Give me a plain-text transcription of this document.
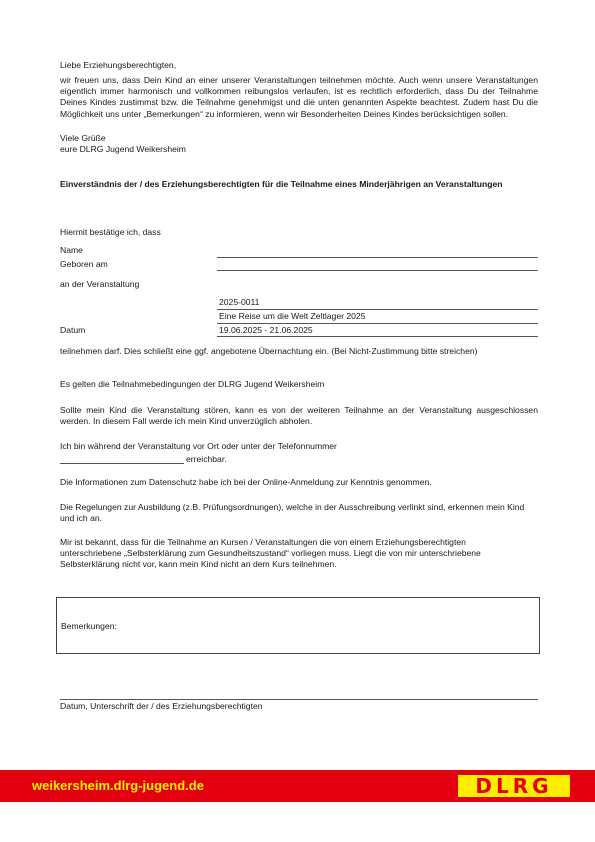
Liebe Erziehungsberechtigten,
wir freuen uns, dass Dein Kind an einer unserer Veranstaltungen teilnehmen möchte. Auch wenn unsere Veranstaltungen eigentlich immer harmonisch und vollkommen reibungslos verlaufen, ist es rechtlich erforderlich, dass Du der Teilnahme Deines Kindes zustimmst bzw. die Teilnahme genehmigst und die unten genannten Aspekte beachtest. Zudem hast Du die Möglichkeit uns unter „Bemerkungen“ zu informieren, wenn wir Besonderheiten Deines Kindes berücksichtigen sollen.
Viele Grüße
eure DLRG Jugend Weikersheim
Einverständnis der / des Erziehungsberechtigten für die Teilnahme eines Minderjährigen an Veranstaltungen
Hiermit bestätige ich, dass
Name
Geboren am
an der Veranstaltung
2025-0011
Eine Reise um die Welt Zeltlager 2025
Datum	19.06.2025 - 21.06.2025
teilnehmen darf. Dies schließt eine ggf. angebotene Übernachtung ein. (Bei Nicht-Zustimmung bitte streichen)
Es gelten die Teilnahmebedingungen der DLRG Jugend Weikersheim
Sollte mein Kind die Veranstaltung stören, kann es von der weiteren Teilnahme an der Veranstaltung ausgeschlossen werden. In diesem Fall werde ich mein Kind unverzüglich abholen.
Ich bin während der Veranstaltung vor Ort oder unter der Telefonnummer
erreichbar.
Die Informationen zum Datenschutz habe ich bei der Online-Anmeldung zur Kenntnis genommen.
Die Regelungen zur Ausbildung (z.B. Prüfungsordnungen), welche in der Ausschreibung verlinkt sind, erkennen mein Kind und ich an.
Mir ist bekannt, dass für die Teilnahme an Kursen / Veranstaltungen die von einem Erziehungsberechtigten unterschriebene „Selbsterklärung zum Gesundheitszustand“ vorliegen muss. Liegt die von mir unterschriebene Selbsterklärung nicht vor, kann mein Kind nicht an dem Kurs teilnehmen.
Bemerkungen:
Datum, Unterschrift der / des Erziehungsberechtigten
weikersheim.dlrg-jugend.de	DLRG
